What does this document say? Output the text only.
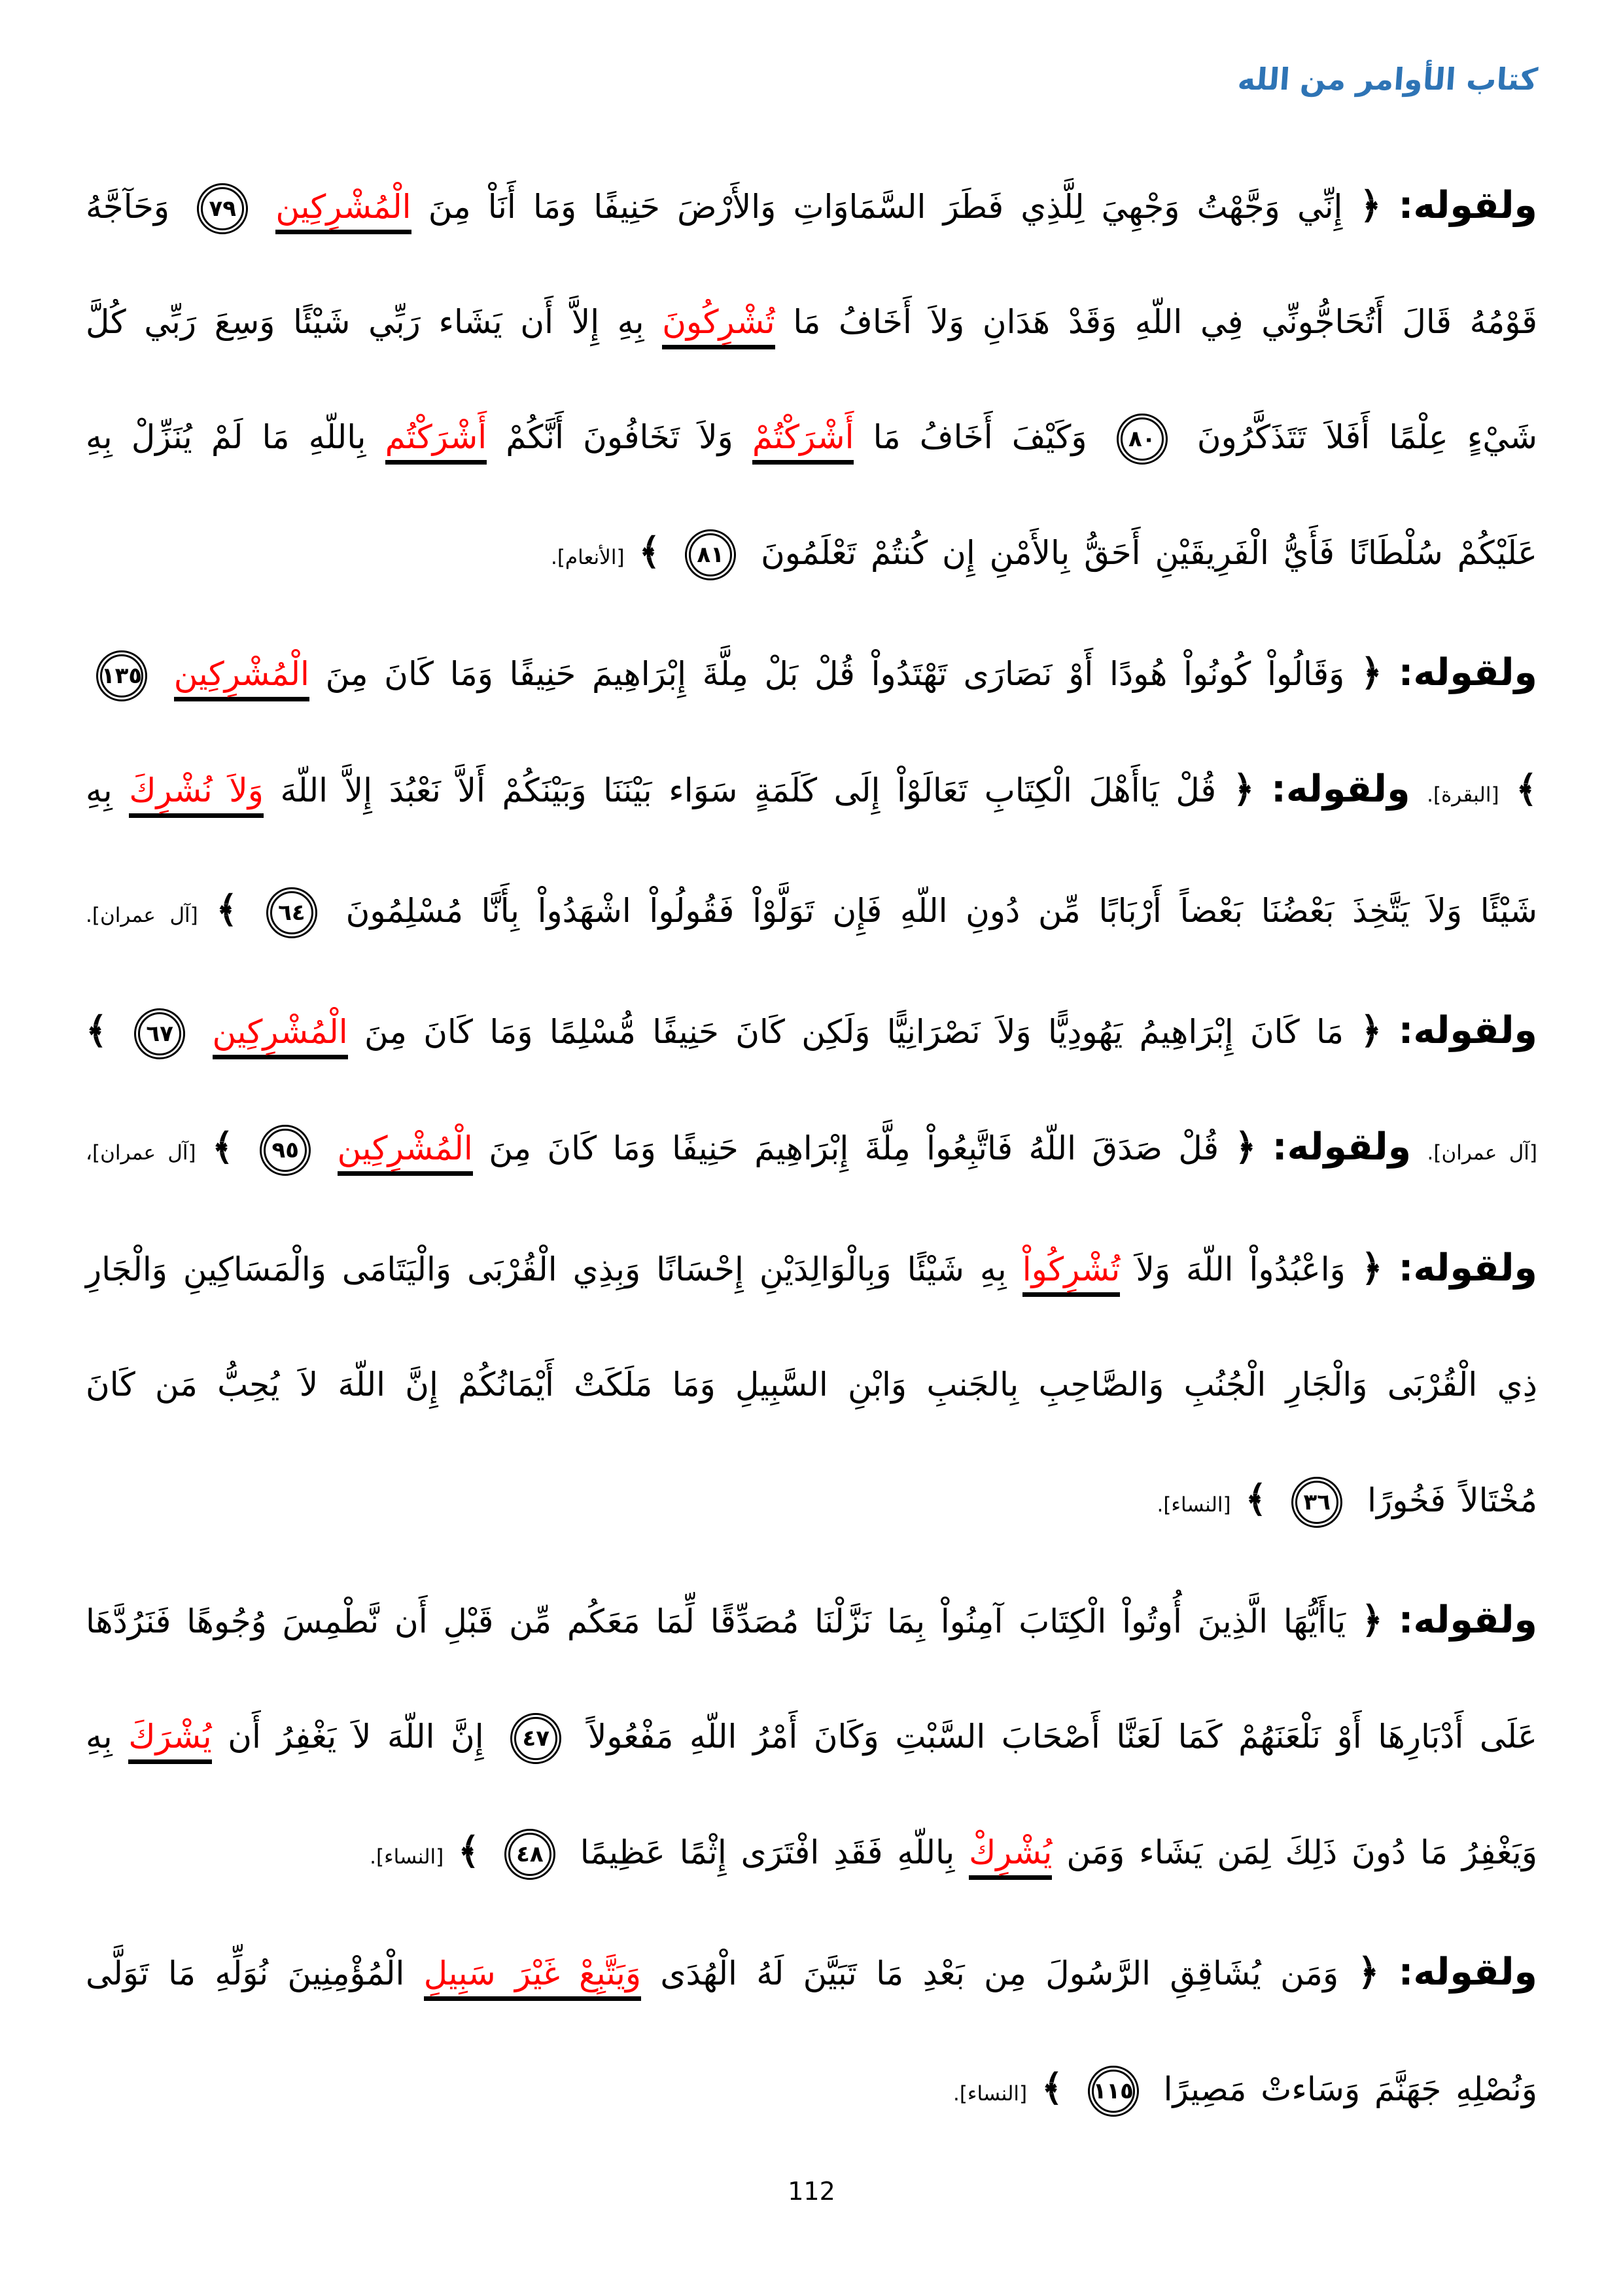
كتاب الأوامر من الله

ولقوله: ﴿ إِنِّي وَجَّهْتُ وَجْهِيَ لِلَّذِي فَطَرَ السَّمَاوَاتِ وَالأَرْضَ حَنِيفًا وَمَا أَنَاْ مِنَ الْمُشْرِكِين ٧٩ وَحَآجَّهُ قَوْمُهُ قَالَ أَتُحَاجُّونِّي فِي اللّهِ وَقَدْ هَدَانِ وَلاَ أَخَافُ مَا تُشْرِكُونَ بِهِ إِلاَّ أَن يَشَاء رَبِّي شَيْئًا وَسِعَ رَبِّي كُلَّ شَيْءٍ عِلْمًا أَفَلاَ تَتَذَكَّرُونَ ٨٠ وَكَيْفَ أَخَافُ مَا أَشْرَكْتُمْ وَلاَ تَخَافُونَ أَنَّكُمْ أَشْرَكْتُم بِاللّهِ مَا لَمْ يُنَزِّلْ بِهِ عَلَيْكُمْ سُلْطَانًا فَأَيُّ الْفَرِيقَيْنِ أَحَقُّ بِالأَمْنِ إِن كُنتُمْ تَعْلَمُونَ ٨١ ﴾ [الأنعام].

ولقوله: ﴿ وَقَالُواْ كُونُواْ هُودًا أَوْ نَصَارَى تَهْتَدُواْ قُلْ بَلْ مِلَّةَ إِبْرَاهِيمَ حَنِيفًا وَمَا كَانَ مِنَ الْمُشْرِكِين ١٣٥ ﴾ [البقرة]. ولقوله: ﴿ قُلْ يَاأَهْلَ الْكِتَابِ تَعَالَوْاْ إِلَى كَلَمَةٍ سَوَاء بَيْنَنَا وَبَيْنَكُمْ أَلاَّ نَعْبُدَ إِلاَّ اللّهَ وَلاَ نُشْرِكَ بِهِ شَيْئًا وَلاَ يَتَّخِذَ بَعْضُنَا بَعْضاً أَرْبَابًا مِّن دُونِ اللّهِ فَإِن تَوَلَّوْاْ فَقُولُواْ اشْهَدُواْ بِأَنَّا مُسْلِمُونَ ٦٤ ﴾ [آل عمران]. ولقوله: ﴿ مَا كَانَ إِبْرَاهِيمُ يَهُودِيًّا وَلاَ نَصْرَانِيًّا وَلَكِن كَانَ حَنِيفًا مُّسْلِمًا وَمَا كَانَ مِنَ الْمُشْرِكِين ٦٧ ﴾ [آل عمران]. ولقوله: ﴿ قُلْ صَدَقَ اللّهُ فَاتَّبِعُواْ مِلَّةَ إِبْرَاهِيمَ حَنِيفًا وَمَا كَانَ مِنَ الْمُشْرِكِين ٩٥ ﴾ [آل عمران]، ولقوله: ﴿ وَاعْبُدُواْ اللّهَ وَلاَ تُشْرِكُواْ بِهِ شَيْئًا وَبِالْوَالِدَيْنِ إِحْسَانًا وَبِذِي الْقُرْبَى وَالْيَتَامَى وَالْمَسَاكِينِ وَالْجَارِ ذِي الْقُرْبَى وَالْجَارِ الْجُنُبِ وَالصَّاحِبِ بِالجَنبِ وَابْنِ السَّبِيلِ وَمَا مَلَكَتْ أَيْمَانُكُمْ إِنَّ اللّهَ لاَ يُحِبُّ مَن كَانَ مُخْتَالاً فَخُورًا ٣٦ ﴾ [النساء].

ولقوله: ﴿ يَاأَيُّهَا الَّذِينَ أُوتُواْ الْكِتَابَ آمِنُواْ بِمَا نَزَّلْنَا مُصَدِّقًا لِّمَا مَعَكُم مِّن قَبْلِ أَن نَّطْمِسَ وُجُوهًا فَنَرُدَّهَا عَلَى أَدْبَارِهَا أَوْ نَلْعَنَهُمْ كَمَا لَعَنَّا أَصْحَابَ السَّبْتِ وَكَانَ أَمْرُ اللّهِ مَفْعُولاً ٤٧ إِنَّ اللّهَ لاَ يَغْفِرُ أَن يُشْرَكَ بِهِ وَيَغْفِرُ مَا دُونَ ذَلِكَ لِمَن يَشَاء وَمَن يُشْرِكْ بِاللّهِ فَقَدِ افْتَرَى إِثْمًا عَظِيمًا ٤٨ ﴾ [النساء].

ولقوله: ﴿ وَمَن يُشَاقِقِ الرَّسُولَ مِن بَعْدِ مَا تَبَيَّنَ لَهُ الْهُدَى وَيَتَّبِعْ غَيْرَ سَبِيلِ الْمُؤْمِنِينَ نُوَلِّهِ مَا تَوَلَّى وَنُصْلِهِ جَهَنَّمَ وَسَاءتْ مَصِيرًا ١١٥ ﴾ [النساء].

112
